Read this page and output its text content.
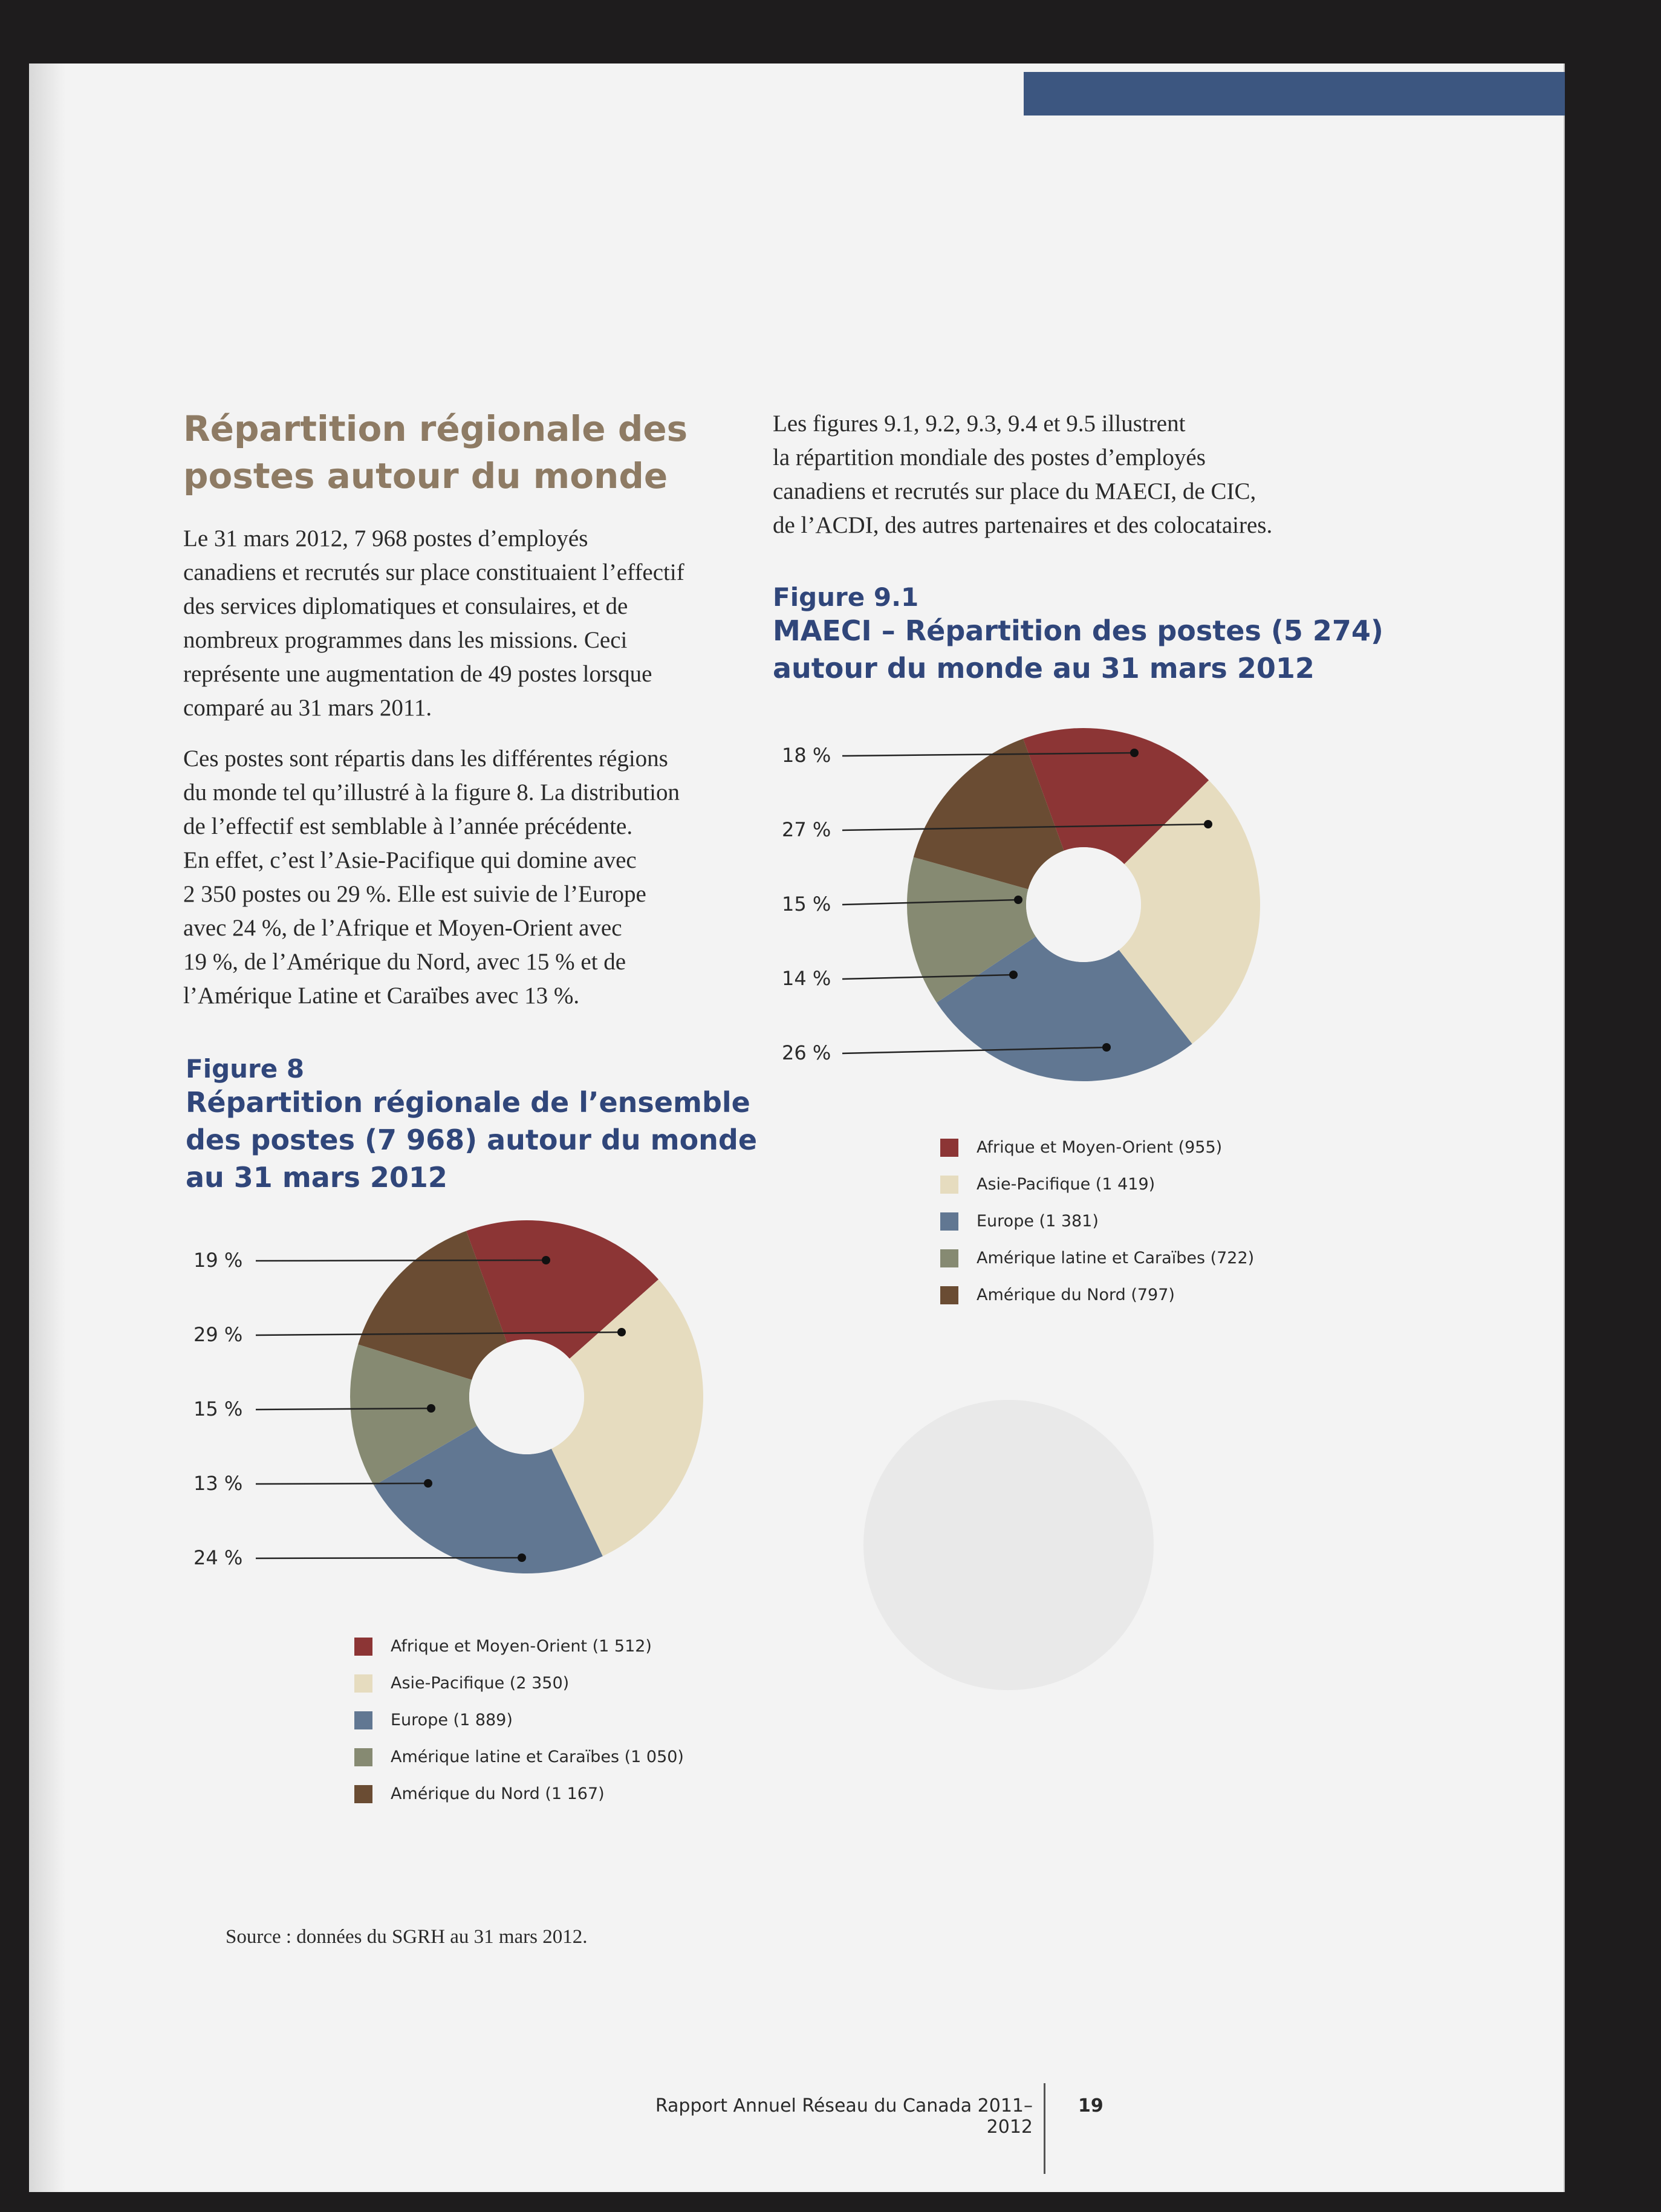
Répartition régionale des
postes autour du monde
Le 31 mars 2012, 7 968 postes d’employés
canadiens et recrutés sur place constituaient l’effectif
des services diplomatiques et consulaires, et de
nombreux programmes dans les missions. Ceci
représente une augmentation de 49 postes lorsque
comparé au 31 mars 2011.
Ces postes sont répartis dans les différentes régions
du monde tel qu’illustré à la figure 8. La distribution
de l’effectif est semblable à l’année précédente.
En effet, c’est l’Asie-Pacifique qui domine avec
2 350 postes ou 29 %. Elle est suivie de l’Europe
avec 24 %, de l’Afrique et Moyen-Orient avec
19 %, de l’Amérique du Nord, avec 15 % et de
l’Amérique Latine et Caraïbes avec 13 %.
Les figures 9.1, 9.2, 9.3, 9.4 et 9.5 illustrent
la répartition mondiale des postes d’employés
canadiens et recrutés sur place du MAECI, de CIC,
de l’ACDI, des autres partenaires et des colocataires.
Figure 9.1
MAECI – Répartition des postes (5 274)
autour du monde au 31 mars 2012
Figure 8
Répartition régionale de l’ensemble
des postes (7 968) autour du monde
au 31 mars 2012
Source : données du SGRH au 31 mars 2012.
Rapport Annuel Réseau du Canada 2011–2012
19
19 %
29 %
15 %
13 %
24 %
Afrique et Moyen-Orient (1 512)
Asie-Pacifique (2 350)
Europe (1 889)
Amérique latine et Caraïbes (1 050)
Amérique du Nord (1 167)
18 %
27 %
15 %
14 %
26 %
Afrique et Moyen-Orient (955)
Asie-Pacifique (1 419)
Europe (1 381)
Amérique latine et Caraïbes (722)
Amérique du Nord (797)
